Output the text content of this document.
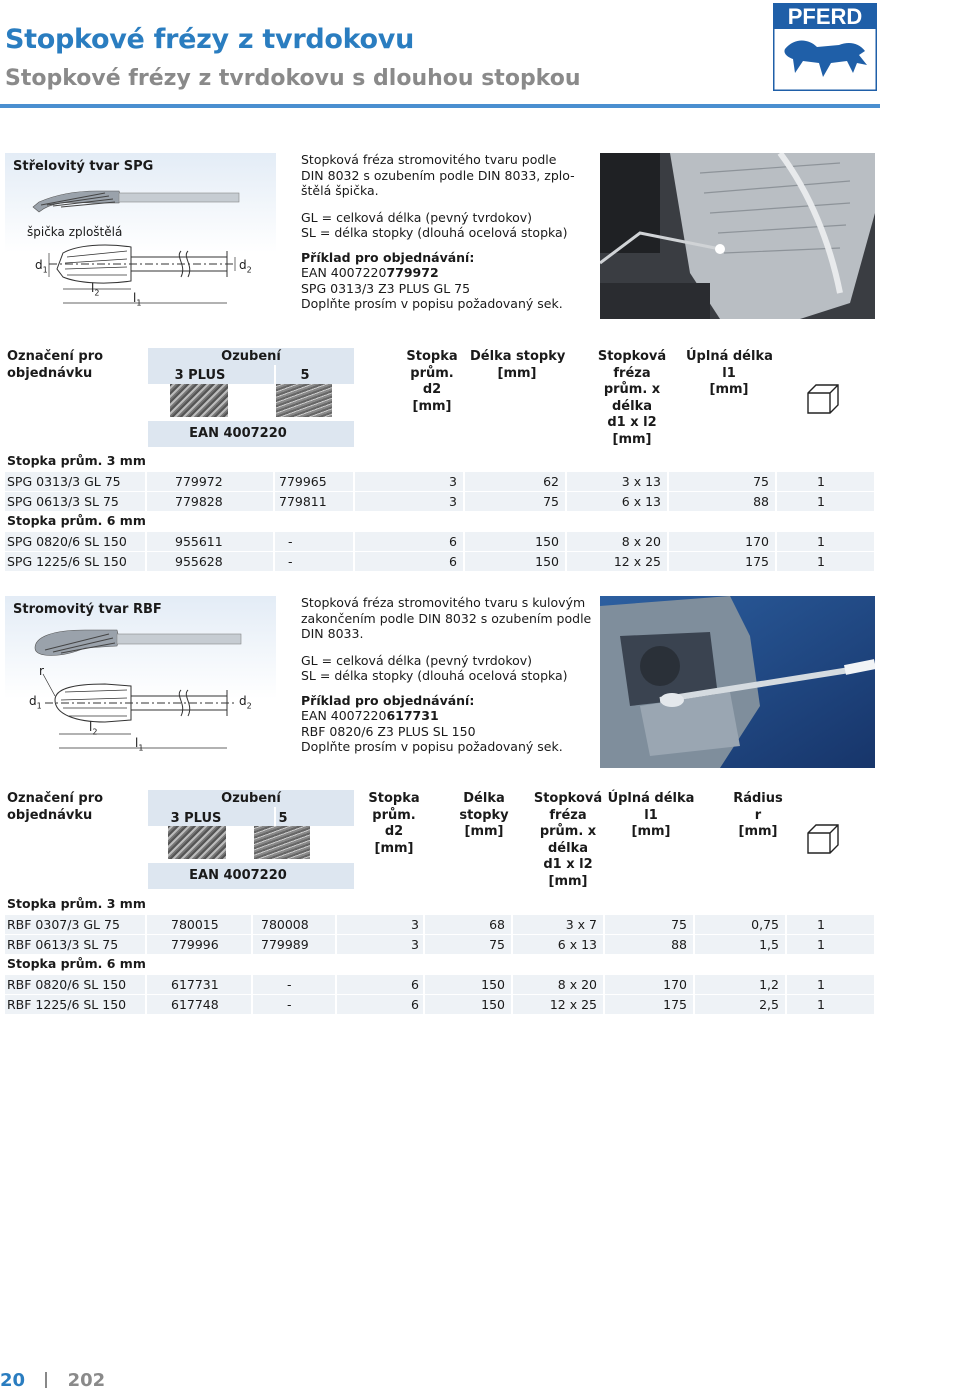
Stopkové frézy z tvrdokovu
Stopkové frézy z tvrdokovu s dlouhou stopkou
PFERD
Střelovitý tvar SPG
špička zploštělá
$d_1$	$d_2$
$l_2$	$l_1$
Stopková fréza stromovitého tvaru podle
DIN 8032 s ozubením podle DIN 8033, zplo-
štělá špička.
GL = celková délka (pevný tvrdokov)
SL = délka stopky (dlouhá ocelová stopka)
Příklad pro objednávání:
EAN 4007220779972
SPG 0313/3 Z3 PLUS GL 75
Doplňte prosím v popisu požadovaný sek.
Označení pro
objednávku
Ozubení
3 PLUS	5
EAN 4007220
Stopka
prům.
d2
[mm]
Délka stopky
[mm]
Stopková
fréza
prům. x
délka
d1 x l2
[mm]
Úplná délka
l1
[mm]
Stopka prům. 3 mm
SPG 0313/3 GL 75	779972	779965	3	62	3 x 13	75	1
SPG 0613/3 SL 75	779828	779811	3	75	6 x 13	88	1
Stopka prům. 6 mm
SPG 0820/6 SL 150	955611	-	6	150	8 x 20	170	1
SPG 1225/6 SL 150	955628	-	6	150	12 x 25	175	1
Stromovitý tvar RBF
r
$d_1$	$d_2$
$l_2$
$l_1$
Stopková fréza stromovitého tvaru s kulovým
zakončením podle DIN 8032 s ozubením podle
DIN 8033.
GL = celková délka (pevný tvrdokov)
SL = délka stopky (dlouhá ocelová stopka)
Příklad pro objednávání:
EAN 4007220617731
RBF 0820/6 Z3 PLUS SL 150
Doplňte prosím v popisu požadovaný sek.
Označení pro
objednávku
Ozubení
3 PLUS	5
EAN 4007220
Stopka
prům.
d2
[mm]
Délka
stopky
[mm]
Stopková
fréza
prům. x
délka
d1 x l2
[mm]
Úplná délka
l1
[mm]
Rádius
r
[mm]
Stopka prům. 3 mm
RBF 0307/3 GL 75	780015	780008	3	68	3 x 7	75	0,75	1
RBF 0613/3 SL 75	779996	779989	3	75	6 x 13	88	1,5	1
Stopka prům. 6 mm
RBF 0820/6 SL 150	617731	-	6	150	8 x 20	170	1,2	1
RBF 1225/6 SL 150	617748	-	6	150	12 x 25	175	2,5	1
20 202
